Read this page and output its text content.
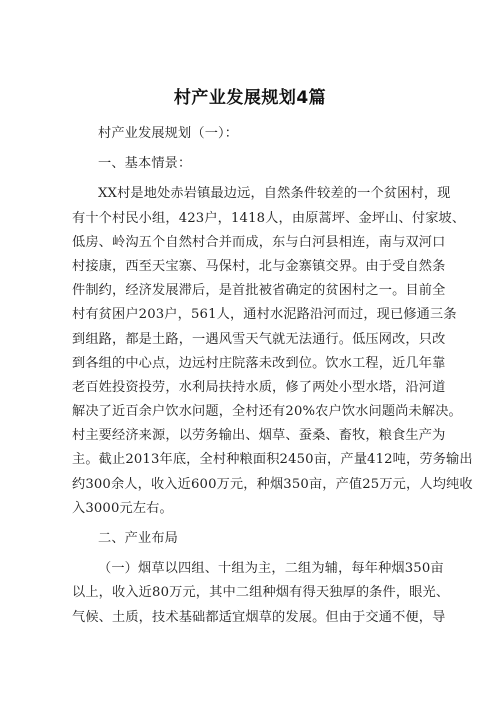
村产业发展规划4篇

村产业发展规划（一）：

一、基本情景：

XX村是地处赤岩镇最边远，自然条件较差的一个贫困村，现

有十个村民小组，423户，1418人，由原蒿坪、金坪山、付家坡、

低房、岭沟五个自然村合并而成，东与白河县相连，南与双河口

村接康，西至天宝寨、马保村，北与金寨镇交界。由于受自然条

件制约，经济发展滞后，是首批被省确定的贫困村之一。目前全

村有贫困户203户，561人，通村水泥路沿河而过，现已修通三条

到组路，都是土路，一遇风雪天气就无法通行。低压网改，只改

到各组的中心点，边远村庄院落未改到位。饮水工程，近几年靠

老百姓投资投劳，水利局扶持水质，修了两处小型水塔，沿河道

解决了近百余户饮水问题，全村还有20%农户饮水问题尚未解决。

村主要经济来源，以劳务输出、烟草、蚕桑、畜牧，粮食生产为

主。截止2013年底，全村种粮面积2450亩，产量412吨，劳务输出

约300余人，收入近600万元，种烟350亩，产值25万元，人均纯收

入3000元左右。

二、产业布局

（一）烟草以四组、十组为主，二组为辅，每年种烟350亩

以上，收入近80万元，其中二组种烟有得天独厚的条件，眼光、

气候、土质，技术基础都适宜烟草的发展。但由于交通不便，导
